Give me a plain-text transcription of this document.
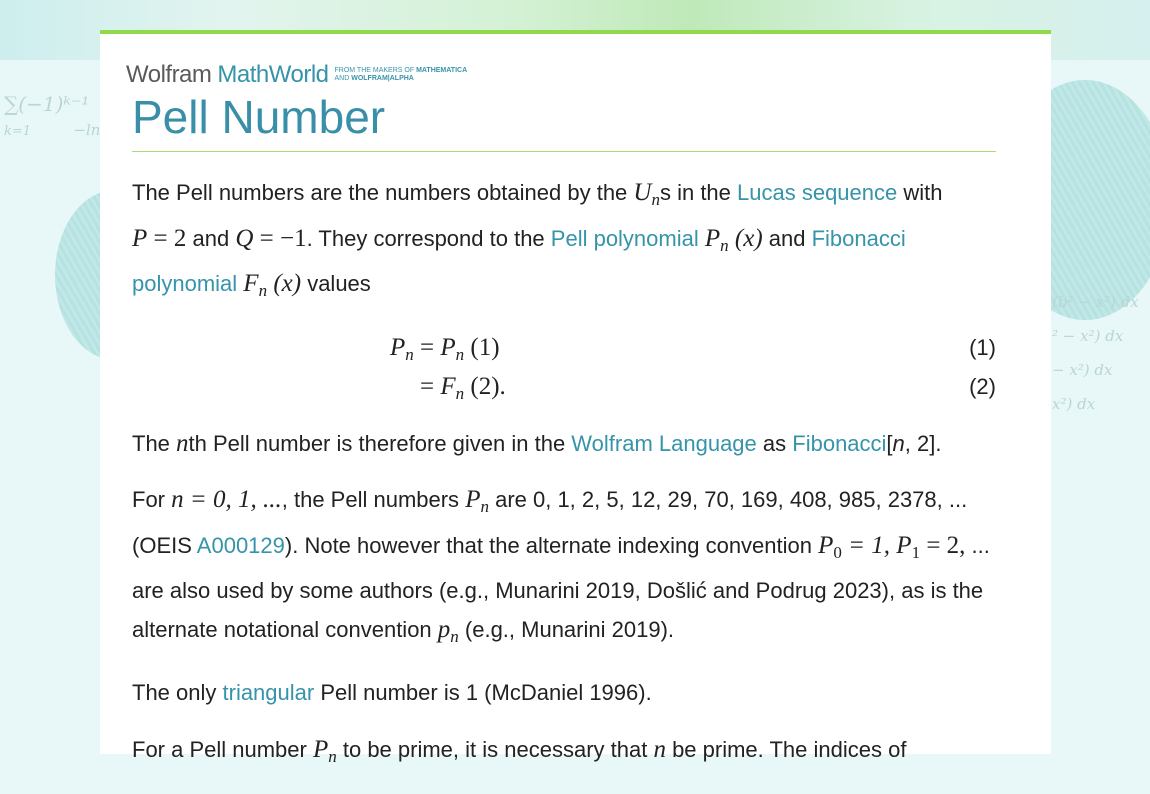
∑(−1)ᵏ⁻¹
k=1	−ln
(b² − x²) dx
² − x²) dx
− x²) dx
x²) dx
Wolfram MathWorld FROM THE MAKERS OF MATHEMATICA
AND WOLFRAM|ALPHA
Pell Number

The Pell numbers are the numbers obtained by the $U_ns$ in the Lucas sequence with
P = 2 and Q = −1. They correspond to the Pell polynomial $P_n$ (x) and Fibonacci polynomial $F_n$ (x) values

$P_n = P_n$ (1)	(1)
= $F_n$ (2).	(2)

The nth Pell number is therefore given in the Wolfram Language as Fibonacci[n, 2].

For n = 0, 1, ..., the Pell numbers $P_n$ are 0, 1, 2, 5, 12, 29, 70, 169, 408, 985, 2378, ... (OEIS A000129). Note however that the alternate indexing convention $P_0 = 1$, $P_1 = 2$, ... are also used by some authors (e.g., Munarini 2019, Došlić and Podrug 2023), as is the alternate notational convention $p_n$ (e.g., Munarini 2019).

The only triangular Pell number is 1 (McDaniel 1996).

For a Pell number $P_n$ to be prime, it is necessary that n be prime. The indices of
